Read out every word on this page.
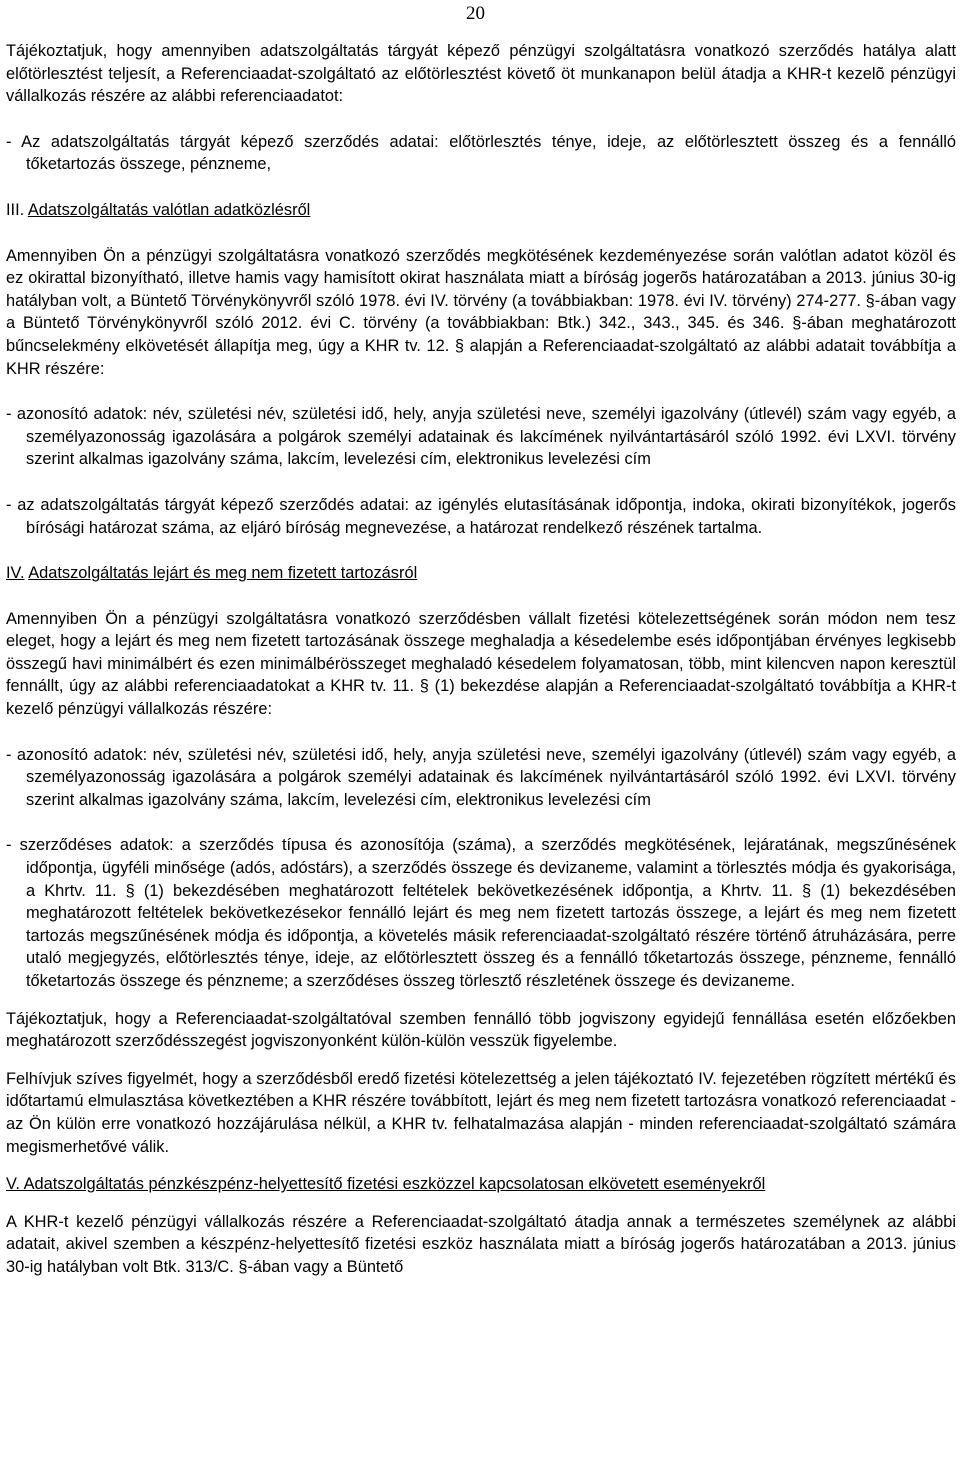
20

Tájékoztatjuk, hogy amennyiben adatszolgáltatás tárgyát képező pénzügyi szolgáltatásra vonatkozó szerződés hatálya alatt előtörlesztést teljesít, a Referenciaadat-szolgáltató az előtörlesztést követő öt munkanapon belül átadja a KHR-t kezelõ pénzügyi vállalkozás részére az alábbi referenciaadatot:

- Az adatszolgáltatás tárgyát képező szerződés adatai: előtörlesztés ténye, ideje, az előtörlesztett összeg és a fennálló tőketartozás összege, pénzneme,

III. Adatszolgáltatás valótlan adatközlésről

Amennyiben Ön a pénzügyi szolgáltatásra vonatkozó szerződés megkötésének kezdeményezése során valótlan adatot közöl és ez okirattal bizonyítható, illetve hamis vagy hamisított okirat használata miatt a bíróság jogerõs határozatában a 2013. június 30-ig hatályban volt, a Büntető Törvénykönyvről szóló 1978. évi IV. törvény (a továbbiakban: 1978. évi IV. törvény) 274-277. §-ában vagy a Büntető Törvénykönyvről szóló 2012. évi C. törvény (a továbbiakban: Btk.) 342., 343., 345. és 346. §-ában meghatározott bűncselekmény elkövetését állapítja meg, úgy a KHR tv. 12. § alapján a Referenciaadat-szolgáltató az alábbi adatait továbbítja a KHR részére:

- azonosító adatok: név, születési név, születési idő, hely, anyja születési neve, személyi igazolvány (útlevél) szám vagy egyéb, a személyazonosság igazolására a polgárok személyi adatainak és lakcímének nyilvántartásáról szóló 1992. évi LXVI. törvény szerint alkalmas igazolvány száma, lakcím, levelezési cím, elektronikus levelezési cím

- az adatszolgáltatás tárgyát képező szerződés adatai: az igénylés elutasításának időpontja, indoka, okirati bizonyítékok, jogerős bírósági határozat száma, az eljáró bíróság megnevezése, a határozat rendelkező részének tartalma.

IV. Adatszolgáltatás lejárt és meg nem fizetett tartozásról

Amennyiben Ön a pénzügyi szolgáltatásra vonatkozó szerződésben vállalt fizetési kötelezettségének során módon nem tesz eleget, hogy a lejárt és meg nem fizetett tartozásának összege meghaladja a késedelembe esés időpontjában érvényes legkisebb összegű havi minimálbért és ezen minimálbérösszeget meghaladó késedelem folyamatosan, több, mint kilencven napon keresztül fennállt, úgy az alábbi referenciaadatokat a KHR tv. 11. § (1) bekezdése alapján a Referenciaadat-szolgáltató továbbítja a KHR-t kezelő pénzügyi vállalkozás részére:

- azonosító adatok: név, születési név, születési idő, hely, anyja születési neve, személyi igazolvány (útlevél) szám vagy egyéb, a személyazonosság igazolására a polgárok személyi adatainak és lakcímének nyilvántartásáról szóló 1992. évi LXVI. törvény szerint alkalmas igazolvány száma, lakcím, levelezési cím, elektronikus levelezési cím

- szerződéses adatok: a szerződés típusa és azonosítója (száma), a szerződés megkötésének, lejáratának, megszűnésének időpontja, ügyféli minősége (adós, adóstárs), a szerződés összege és devizaneme, valamint a törlesztés módja és gyakorisága, a Khrtv. 11. § (1) bekezdésében meghatározott feltételek bekövetkezésének időpontja, a Khrtv. 11. § (1) bekezdésében meghatározott feltételek bekövetkezésekor fennálló lejárt és meg nem fizetett tartozás összege, a lejárt és meg nem fizetett tartozás megszűnésének módja és időpontja, a követelés másik referenciaadat-szolgáltató részére történő átruházására, perre utaló megjegyzés, előtörlesztés ténye, ideje, az előtörlesztett összeg és a fennálló tőketartozás összege, pénzneme, fennálló tőketartozás összege és pénzneme; a szerződéses összeg törlesztő részletének összege és devizaneme.

Tájékoztatjuk, hogy a Referenciaadat-szolgáltatóval szemben fennálló több jogviszony egyidejű fennállása esetén előzőekben meghatározott szerződésszegést jogviszonyonként külön-külön vesszük figyelembe.

Felhívjuk szíves figyelmét, hogy a szerződésből eredő fizetési kötelezettség a jelen tájékoztató IV. fejezetében rögzített mértékű és időtartamú elmulasztása következtében a KHR részére továbbított, lejárt és meg nem fizetett tartozásra vonatkozó referenciaadat - az Ön külön erre vonatkozó hozzájárulása nélkül, a KHR tv. felhatalmazása alapján - minden referenciaadat-szolgáltató számára megismerhetővé válik.

V. Adatszolgáltatás pénzkészpénz-helyettesítő fizetési eszközzel kapcsolatosan elkövetett eseményekről

A KHR-t kezelő pénzügyi vállalkozás részére a Referenciaadat-szolgáltató átadja annak a természetes személynek az alábbi adatait, akivel szemben a készpénz-helyettesítő fizetési eszköz használata miatt a bíróság jogerős határozatában a 2013. június 30-ig hatályban volt Btk. 313/C. §-ában vagy a Büntető
